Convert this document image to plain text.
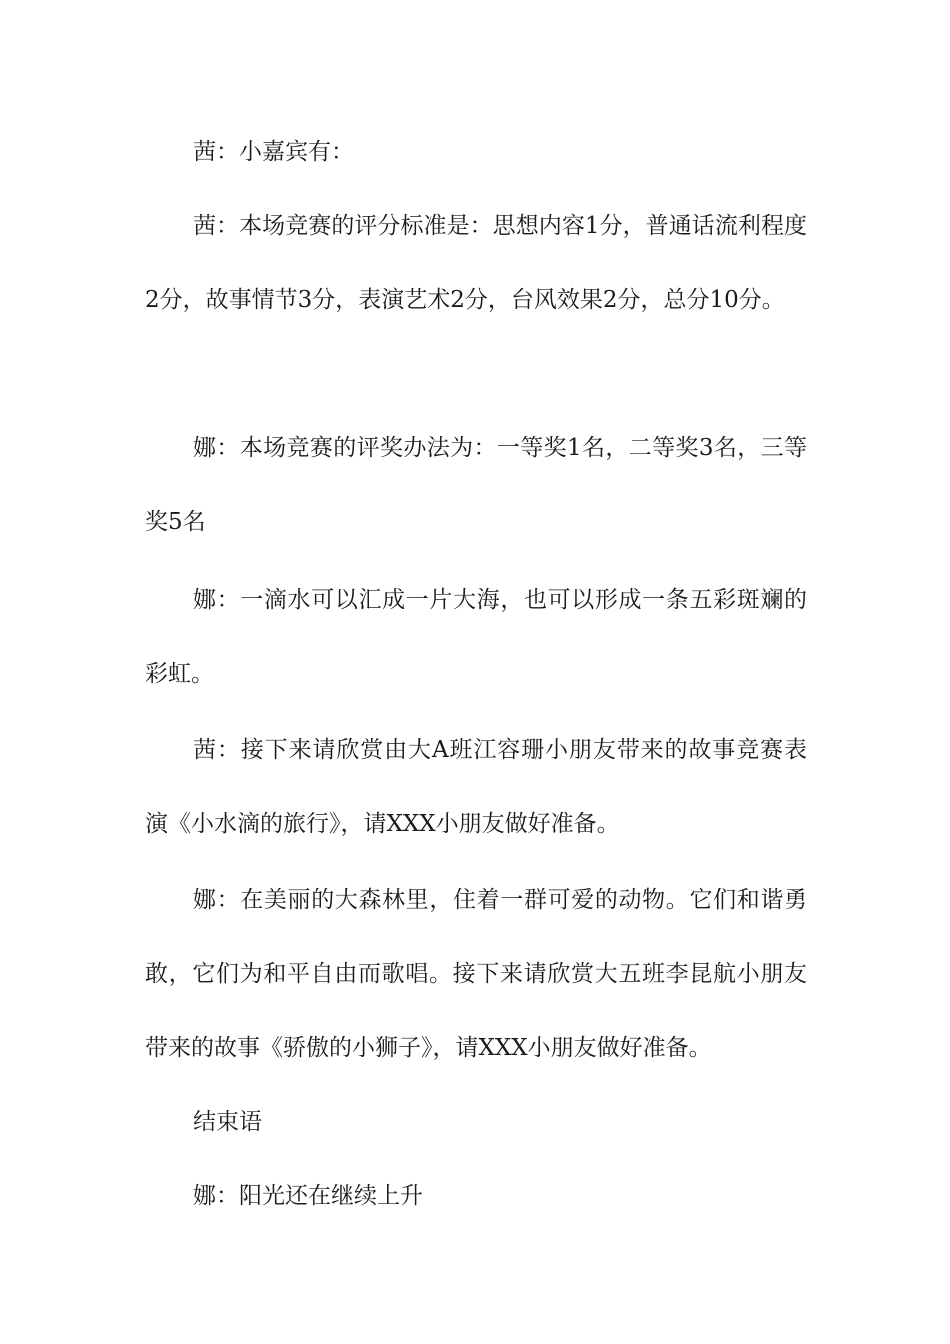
茜：小嘉宾有：

茜：本场竞赛的评分标准是：思想内容1分，普通话流利程度2分，故事情节3分，表演艺术2分，台风效果2分，总分10分。

娜：本场竞赛的评奖办法为：一等奖1名，二等奖3名，三等奖5名

娜：一滴水可以汇成一片大海，也可以形成一条五彩斑斓的彩虹。

茜：接下来请欣赏由大A班江容珊小朋友带来的故事竞赛表演《小水滴的旅行》，请XXX小朋友做好准备。

娜：在美丽的大森林里，住着一群可爱的动物。它们和谐勇敢，它们为和平自由而歌唱。接下来请欣赏大五班李昆航小朋友带来的故事《骄傲的小狮子》，请XXX小朋友做好准备。

结束语

娜：阳光还在继续上升
